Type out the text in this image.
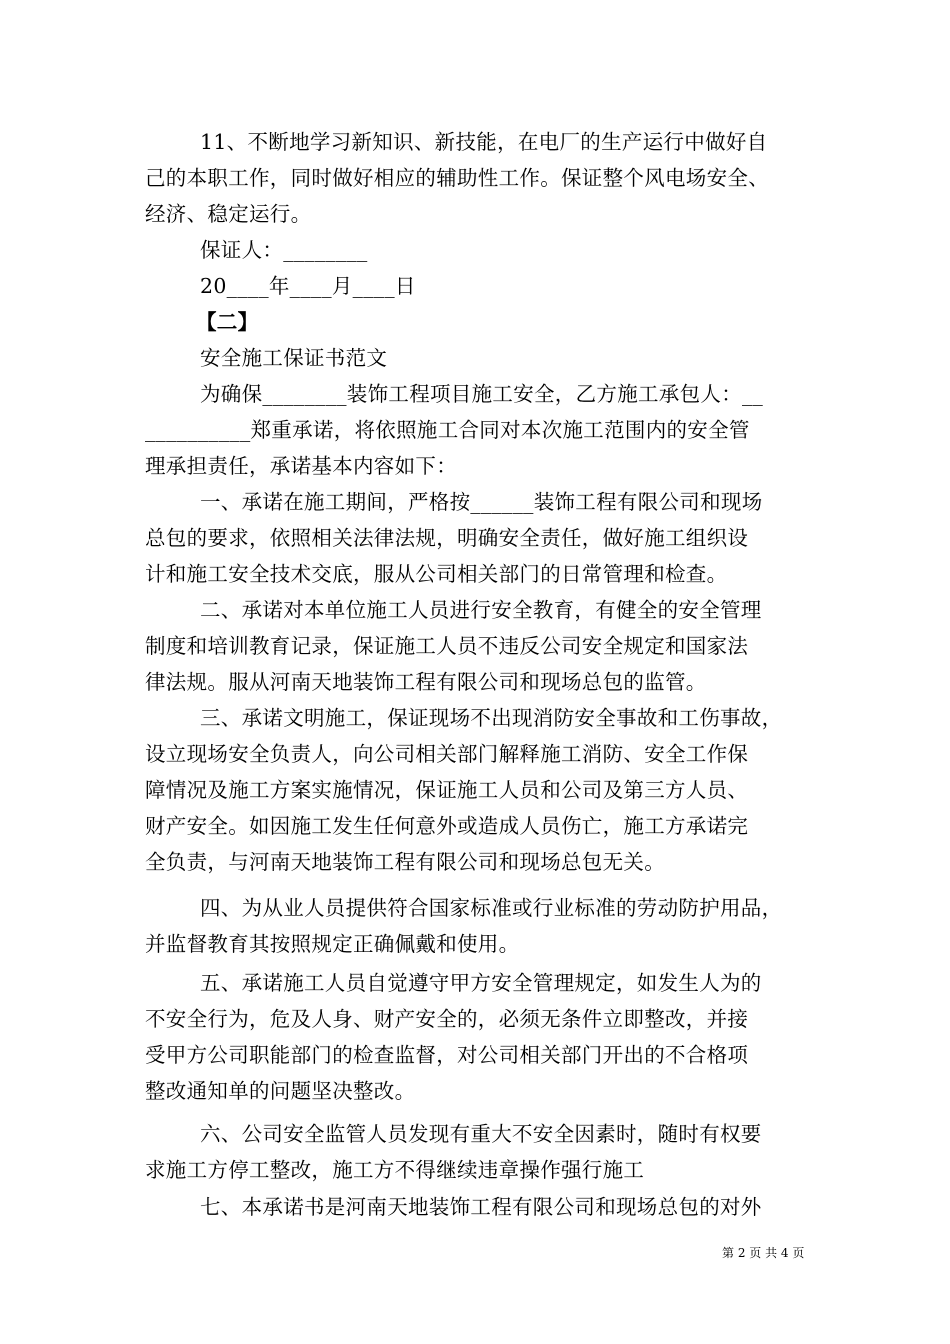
11、不断地学习新知识、新技能，在电厂的生产运行中做好自
己的本职工作，同时做好相应的辅助性工作。保证整个风电场安全、
经济、稳定运行。
保证人：________
20____年____月____日
【二】
安全施工保证书范文
为确保________装饰工程项目施工安全，乙方施工承包人：__
__________郑重承诺，将依照施工合同对本次施工范围内的安全管
理承担责任，承诺基本内容如下：
一、承诺在施工期间，严格按______装饰工程有限公司和现场
总包的要求，依照相关法律法规，明确安全责任，做好施工组织设
计和施工安全技术交底，服从公司相关部门的日常管理和检查。
二、承诺对本单位施工人员进行安全教育，有健全的安全管理
制度和培训教育记录，保证施工人员不违反公司安全规定和国家法
律法规。服从河南天地装饰工程有限公司和现场总包的监管。
三、承诺文明施工，保证现场不出现消防安全事故和工伤事故，
设立现场安全负责人，向公司相关部门解释施工消防、安全工作保
障情况及施工方案实施情况，保证施工人员和公司及第三方人员、
财产安全。如因施工发生任何意外或造成人员伤亡，施工方承诺完
全负责，与河南天地装饰工程有限公司和现场总包无关。
四、为从业人员提供符合国家标准或行业标准的劳动防护用品，
并监督教育其按照规定正确佩戴和使用。
五、承诺施工人员自觉遵守甲方安全管理规定，如发生人为的
不安全行为，危及人身、财产安全的，必须无条件立即整改，并接
受甲方公司职能部门的检查监督，对公司相关部门开出的不合格项
整改通知单的问题坚决整改。
六、公司安全监管人员发现有重大不安全因素时，随时有权要
求施工方停工整改，施工方不得继续违章操作强行施工
七、本承诺书是河南天地装饰工程有限公司和现场总包的对外
第 2 页 共 4 页
